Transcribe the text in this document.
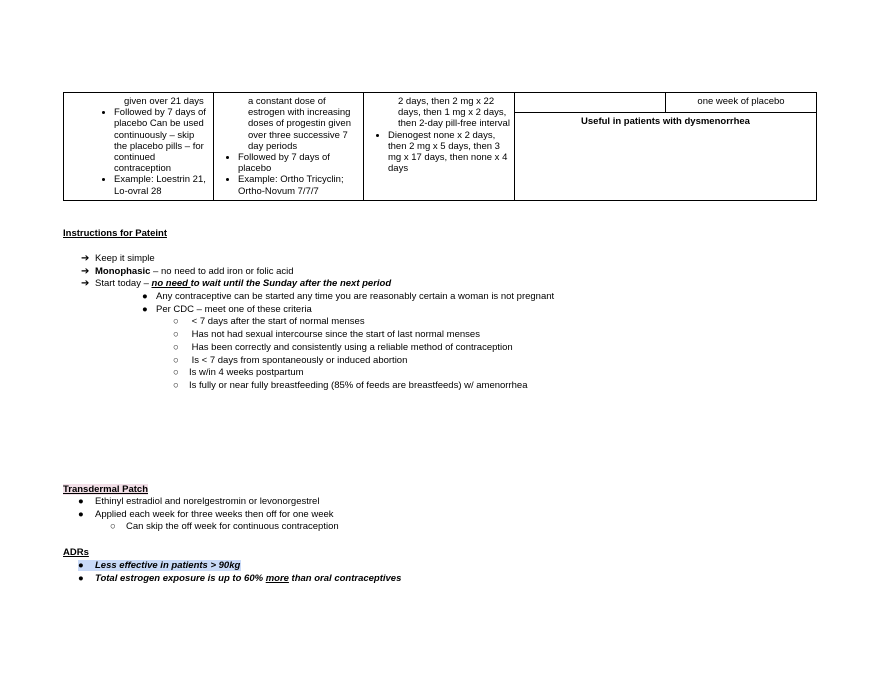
given over 21 days
• Followed by 7 days of placebo Can be used continuously – skip the placebo pills – for continued contraception
• Example: Loestrin 21, Lo-ovral 28

a constant dose of estrogen with increasing doses of progestin given over three successive 7 day periods
• Followed by 7 days of placebo
• Example: Ortho Tricyclin; Ortho-Novum 7/7/7

2 days, then 2 mg x 22 days, then 1 mg x 2 days, then 2-day pill-free interval
• Dienogest none x 2 days, then 2 mg x 5 days, then 3 mg x 17 days, then none x 4 days
		one week of placebo
Useful in patients with dysmenorrhea
Instructions for Pateint
➔ Keep it simple
➔ Monophasic – no need to add iron or folic acid
➔ Start today – no need to wait until the Sunday after the next period
● Any contraceptive can be started any time you are reasonably certain a woman is not pregnant
● Per CDC – meet one of these criteria
○	< 7 days after the start of normal menses
○	Has not had sexual intercourse since the start of last normal menses
○	Has been correctly and consistently using a reliable method of contraception
○	Is < 7 days from spontaneously or induced abortion
○	Is w/in 4 weeks postpartum
○	Is fully or near fully breastfeeding (85% of feeds are breastfeeds) w/ amenorrhea
Transdermal Patch
●	Ethinyl estradiol and norelgestromin or levonorgestrel
●	Applied each week for three weeks then off for one week
○	Can skip the off week for continuous contraception
ADRs
●	Less effective in patients > 90kg
●	Total estrogen exposure is up to 60% more than oral contraceptives
